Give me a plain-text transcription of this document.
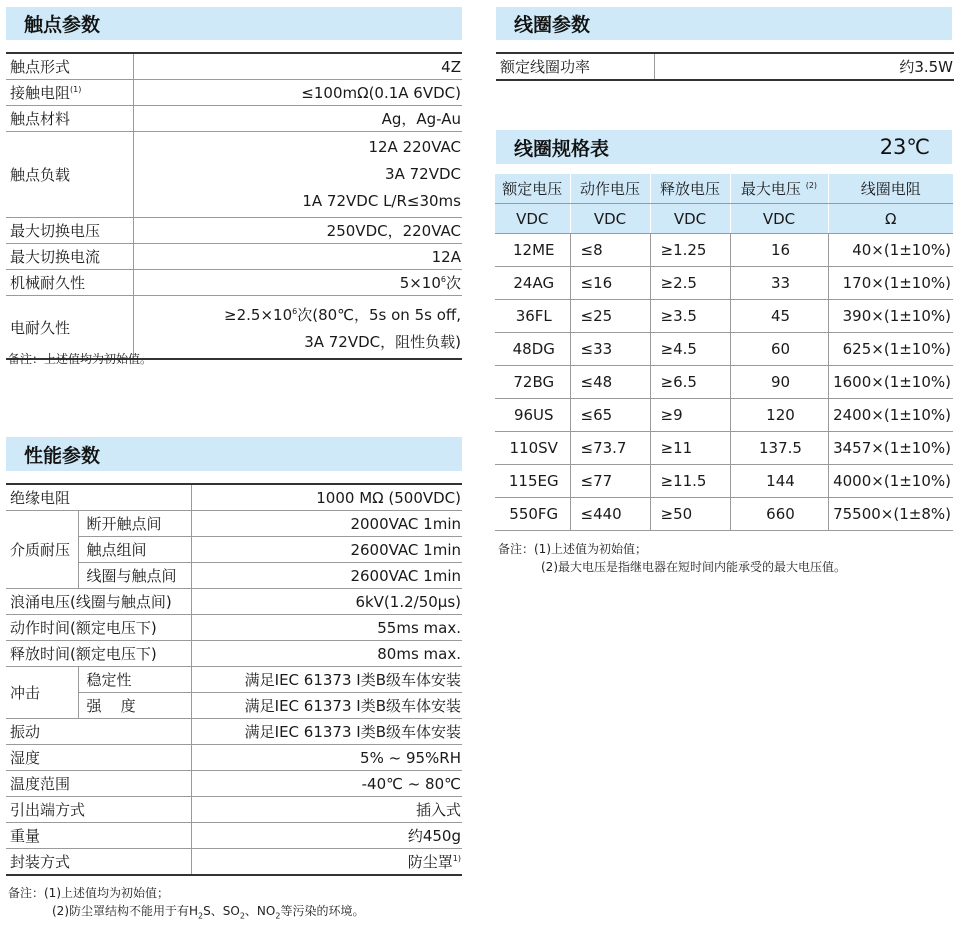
触点参数
触点形式	4Z
接触电阻$^{(1)}$	≤100mΩ(0.1A 6VDC)
触点材料	Ag，Ag-Au
触点负载	12A 220VAC
3A 72VDC
1A 72VDC L/R≤30ms

最大切换电压	250VDC，220VAC
最大切换电流	12A
机械耐久性	$5\times 10^6$次
电耐久性	$\ge 2.5\times 10^6$次(80℃，5s on 5s off,
3A 72VDC，阻性负载)
备注：上述值均为初始值。
性能参数
绝缘电阻		1000 MΩ (500VDC)
介质耐压	断开触点间	2000VAC 1min
	触点组间	2600VAC 1min
	线圈与触点间	2600VAC 1min
浪涌电压(线圈与触点间)		6kV(1.2/50μs)
动作时间(额定电压下)		55ms max.
释放时间(额定电压下)		80ms max.
冲击	稳定性	满足IEC 61373 I类B级车体安装
	强    度	满足IEC 61373 I类B级车体安装
振动		满足IEC 61373 I类B级车体安装
湿度		5% ~ 95%RH
温度范围		-40℃ ~ 80℃
引出端方式		插入式
重量		约450g
封装方式		防尘罩$^{1)}$
备注：(1)上述值均为初始值；
(2)防尘罩结构不能用于有$H_2S$、$SO_2$、$NO_2$等污染的环境。
线圈参数
额定线圈功率	约3.5W
线圈规格表	23℃
额定电压	动作电压	释放电压	最大电压 $^{(2)}$	线圈电阻
VDC	VDC	VDC	VDC	Ω
12ME	≤8	≥1.25	16	40×(1±10%)
24AG	≤16	≥2.5	33	170×(1±10%)
36FL	≤25	≥3.5	45	390×(1±10%)
48DG	≤33	≥4.5	60	625×(1±10%)
72BG	≤48	≥6.5	90	1600×(1±10%)
96US	≤65	≥9	120	2400×(1±10%)
110SV	≤73.7	≥11	137.5	3457×(1±10%)
115EG	≤77	≥11.5	144	4000×(1±10%)
550FG	≤440	≥50	660	75500×(1±8%)
备注：(1)上述值为初始值；
(2)最大电压是指继电器在短时间内能承受的最大电压值。
